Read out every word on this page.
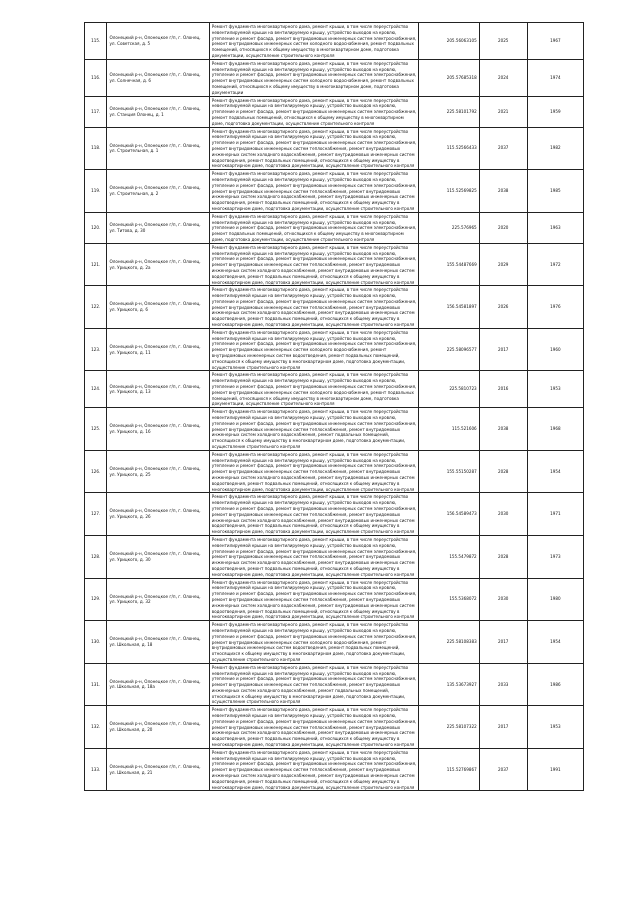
115.	Олонецкий р-н, Олонецкое г/п, г. Олонец, ул. Советская, д. 5	Ремонт фундамента многоквартирного дома, ремонт крыши, в том числе переустройство невентилируемой крыши на вентилируемую крышу, устройство выходов на кровлю, утепление и ремонт фасада, ремонт внутридомовых инженерных систем электроснабжения, ремонт внутридомовых инженерных систем холодного водоснабжения, ремонт подвальных помещений, относящихся к общему имуществу в многоквартирном доме, подготовка документации, осуществление строительного контроля	205.56063105	2025	1967
116.	Олонецкий р-н, Олонецкое г/п, г. Олонец, ул. Солнечная, д. 6	Ремонт фундамента многоквартирного дома, ремонт крыши, в том числе переустройство невентилируемой крыши на вентилируемую крышу, устройство выходов на кровлю, утепление и ремонт фасада, ремонт внутридомовых инженерных систем электроснабжения, ремонт внутридомовых инженерных систем холодного водоснабжения, ремонт подвальных помещений, относящихся к общему имуществу в многоквартирном доме, подготовка документации	205.57685318	2024	1974
117.	Олонецкий р-н, Олонецкое г/п, г. Олонец, ул. Станция Олонец, д. 1	Ремонт фундамента многоквартирного дома, ремонт крыши, в том числе переустройство невентилируемой крыши на вентилируемую крышу, устройство выходов на кровлю, утепление и ремонт фасада, ремонт внутридомовых инженерных систем электроснабжения, ремонт подвальных помещений, относящихся к общему имуществу в многоквартирном доме, подготовка документации, осуществление строительного контроля	225.58101792	2021	1959
118.	Олонецкий р-н, Олонецкое г/п, г. Олонец, ул. Строительная, д. 1	Ремонт фундамента многоквартирного дома, ремонт крыши, в том числе переустройство невентилируемой крыши на вентилируемую крышу, устройство выходов на кровлю, утепление и ремонт фасада, ремонт внутридомовых инженерных систем электроснабжения, ремонт внутридомовых инженерных систем теплоснабжения, ремонт внутридомовых инженерных систем холодного водоснабжения, ремонт внутридомовых инженерных систем водоотведения, ремонт подвальных помещений, относящихся к общему имуществу в многоквартирном доме, подготовка документации, осуществление строительного контроля	115.52566433	2037	1982
119.	Олонецкий р-н, Олонецкое г/п, г. Олонец, ул. Строительная, д. 2	Ремонт фундамента многоквартирного дома, ремонт крыши, в том числе переустройство невентилируемой крыши на вентилируемую крышу, устройство выходов на кровлю, утепление и ремонт фасада, ремонт внутридомовых инженерных систем электроснабжения, ремонт внутридомовых инженерных систем теплоснабжения, ремонт внутридомовых инженерных систем холодного водоснабжения, ремонт внутридомовых инженерных систем водоотведения, ремонт подвальных помещений, относящихся к общему имуществу в многоквартирном доме, подготовка документации, осуществление строительного контроля	115.52569825	2038	1985
120.	Олонецкий р-н, Олонецкое г/п, г. Олонец, ул. Титова, д. 30	Ремонт фундамента многоквартирного дома, ремонт крыши, в том числе переустройство невентилируемой крыши на вентилируемую крышу, устройство выходов на кровлю, утепление и ремонт фасада, ремонт внутридомовых инженерных систем электроснабжения, ремонт подвальных помещений, относящихся к общему имуществу в многоквартирном доме, подготовка документации, осуществление строительного контроля	225.576965	2020	1963
121.	Олонецкий р-н, Олонецкое г/п, г. Олонец, ул. Урицкого, д. 2а	Ремонт фундамента многоквартирного дома, ремонт крыши, в том числе переустройство невентилируемой крыши на вентилируемую крышу, устройство выходов на кровлю, утепление и ремонт фасада, ремонт внутридомовых инженерных систем электроснабжения, ремонт внутридомовых инженерных систем теплоснабжения, ремонт внутридомовых инженерных систем холодного водоснабжения, ремонт внутридомовых инженерных систем водоотведения, ремонт подвальных помещений, относящихся к общему имуществу в многоквартирном доме, подготовка документации, осуществление строительного контроля	155.54487669	2029	1972
122.	Олонецкий р-н, Олонецкое г/п, г. Олонец, ул. Урицкого, д. 6	Ремонт фундамента многоквартирного дома, ремонт крыши, в том числе переустройство невентилируемой крыши на вентилируемую крышу, устройство выходов на кровлю, утепление и ремонт фасада, ремонт внутридомовых инженерных систем электроснабжения, ремонт внутридомовых инженерных систем теплоснабжения, ремонт внутридомовых инженерных систем холодного водоснабжения, ремонт внутридомовых инженерных систем водоотведения, ремонт подвальных помещений, относящихся к общему имуществу в многоквартирном доме, подготовка документации, осуществление строительного контроля	156.54581897	2026	1976
123.	Олонецкий р-н, Олонецкое г/п, г. Олонец, ул. Урицкого, д. 11	Ремонт фундамента многоквартирного дома, ремонт крыши, в том числе переустройство невентилируемой крыши на вентилируемую крышу, устройство выходов на кровлю, утепление и ремонт фасада, ремонт внутридомовых инженерных систем электроснабжения, ремонт внутридомовых инженерных систем холодного водоснабжения, ремонт внутридомовых инженерных систем водоотведения, ремонт подвальных помещений, относящихся к общему имуществу в многоквартирном доме, подготовка документации, осуществление строительного контроля	225.58096577	2017	1960
124.	Олонецкий р-н, Олонецкое г/п, г. Олонец, ул. Урицкого, д. 13	Ремонт фундамента многоквартирного дома, ремонт крыши, в том числе переустройство невентилируемой крыши на вентилируемую крышу, устройство выходов на кровлю, утепление и ремонт фасада, ремонт внутридомовых инженерных систем электроснабжения, ремонт внутридомовых инженерных систем холодного водоснабжения, ремонт подвальных помещений, относящихся к общему имуществу в многоквартирном доме, подготовка документации, осуществление строительного контроля	225.5810723	2016	1953
125.	Олонецкий р-н, Олонецкое г/п, г. Олонец, ул. Урицкого, д. 16	Ремонт фундамента многоквартирного дома, ремонт крыши, в том числе переустройство невентилируемой крыши на вентилируемую крышу, устройство выходов на кровлю, утепление и ремонт фасада, ремонт внутридомовых инженерных систем электроснабжения, ремонт внутридомовых инженерных систем теплоснабжения, ремонт внутридомовых инженерных систем холодного водоснабжения, ремонт подвальных помещений, относящихся к общему имуществу в многоквартирном доме, подготовка документации, осуществление строительного контроля	115.521606	2038	1968
126.	Олонецкий р-н, Олонецкое г/п, г. Олонец, ул. Урицкого, д. 25	Ремонт фундамента многоквартирного дома, ремонт крыши, в том числе переустройство невентилируемой крыши на вентилируемую крышу, устройство выходов на кровлю, утепление и ремонт фасада, ремонт внутридомовых инженерных систем электроснабжения, ремонт внутридомовых инженерных систем теплоснабжения, ремонт внутридомовых инженерных систем холодного водоснабжения, ремонт внутридомовых инженерных систем водоотведения, ремонт подвальных помещений, относящихся к общему имуществу в многоквартирном доме, подготовка документации, осуществление строительного контроля	155.55150287	2028	1954
127.	Олонецкий р-н, Олонецкое г/п, г. Олонец, ул. Урицкого, д. 26	Ремонт фундамента многоквартирного дома, ремонт крыши, в том числе переустройство невентилируемой крыши на вентилируемую крышу, устройство выходов на кровлю, утепление и ремонт фасада, ремонт внутридомовых инженерных систем электроснабжения, ремонт внутридомовых инженерных систем теплоснабжения, ремонт внутридомовых инженерных систем холодного водоснабжения, ремонт внутридомовых инженерных систем водоотведения, ремонт подвальных помещений, относящихся к общему имуществу в многоквартирном доме, подготовка документации, осуществление строительного контроля	156.54589473	2030	1971
128.	Олонецкий р-н, Олонецкое г/п, г. Олонец, ул. Урицкого, д. 30	Ремонт фундамента многоквартирного дома, ремонт крыши, в том числе переустройство невентилируемой крыши на вентилируемую крышу, устройство выходов на кровлю, утепление и ремонт фасада, ремонт внутридомовых инженерных систем электроснабжения, ремонт внутридомовых инженерных систем теплоснабжения, ремонт внутридомовых инженерных систем холодного водоснабжения, ремонт внутридомовых инженерных систем водоотведения, ремонт подвальных помещений, относящихся к общему имуществу в многоквартирном доме, подготовка документации, осуществление строительного контроля	155.5479872	2028	1973
129.	Олонецкий р-н, Олонецкое г/п, г. Олонец, ул. Урицкого, д. 32	Ремонт фундамента многоквартирного дома, ремонт крыши, в том числе переустройство невентилируемой крыши на вентилируемую крышу, устройство выходов на кровлю, утепление и ремонт фасада, ремонт внутридомовых инженерных систем электроснабжения, ремонт внутридомовых инженерных систем теплоснабжения, ремонт внутридомовых инженерных систем холодного водоснабжения, ремонт внутридомовых инженерных систем водоотведения, ремонт подвальных помещений, относящихся к общему имуществу в многоквартирном доме, подготовка документации, осуществление строительного контроля	155.5368072	2030	1980
130.	Олонецкий р-н, Олонецкое г/п, г. Олонец, ул. Школьная, д. 18	Ремонт фундамента многоквартирного дома, ремонт крыши, в том числе переустройство невентилируемой крыши на вентилируемую крышу, устройство выходов на кровлю, утепление и ремонт фасада, ремонт внутридомовых инженерных систем электроснабжения, ремонт внутридомовых инженерных систем холодного водоснабжения, ремонт внутридомовых инженерных систем водоотведения, ремонт подвальных помещений, относящихся к общему имуществу в многоквартирном доме, подготовка документации, осуществление строительного контроля	225.58108383	2017	1954
131.	Олонецкий р-н, Олонецкое г/п, г. Олонец, ул. Школьная, д. 18а	Ремонт фундамента многоквартирного дома, ремонт крыши, в том числе переустройство невентилируемой крыши на вентилируемую крышу, устройство выходов на кровлю, утепление и ремонт фасада, ремонт внутридомовых инженерных систем электроснабжения, ремонт внутридомовых инженерных систем теплоснабжения, ремонт внутридомовых инженерных систем холодного водоснабжения, ремонт подвальных помещений, относящихся к общему имуществу в многоквартирном доме, подготовка документации, осуществление строительного контроля	135.53673927	2033	1986
132.	Олонецкий р-н, Олонецкое г/п, г. Олонец, ул. Школьная, д. 20	Ремонт фундамента многоквартирного дома, ремонт крыши, в том числе переустройство невентилируемой крыши на вентилируемую крышу, устройство выходов на кровлю, утепление и ремонт фасада, ремонт внутридомовых инженерных систем электроснабжения, ремонт внутридомовых инженерных систем теплоснабжения, ремонт внутридомовых инженерных систем холодного водоснабжения, ремонт внутридомовых инженерных систем водоотведения, ремонт подвальных помещений, относящихся к общему имуществу в многоквартирном доме, подготовка документации, осуществление строительного контроля	225.58107322	2017	1953
133.	Олонецкий р-н, Олонецкое г/п, г. Олонец, ул. Школьная, д. 21	Ремонт фундамента многоквартирного дома, ремонт крыши, в том числе переустройство невентилируемой крыши на вентилируемую крышу, устройство выходов на кровлю, утепление и ремонт фасада, ремонт внутридомовых инженерных систем электроснабжения, ремонт внутридомовых инженерных систем теплоснабжения, ремонт внутридомовых инженерных систем холодного водоснабжения, ремонт внутридомовых инженерных систем водоотведения, ремонт подвальных помещений, относящихся к общему имуществу в многоквартирном доме, подготовка документации, осуществление строительного контроля	115.52769867	2037	1991
